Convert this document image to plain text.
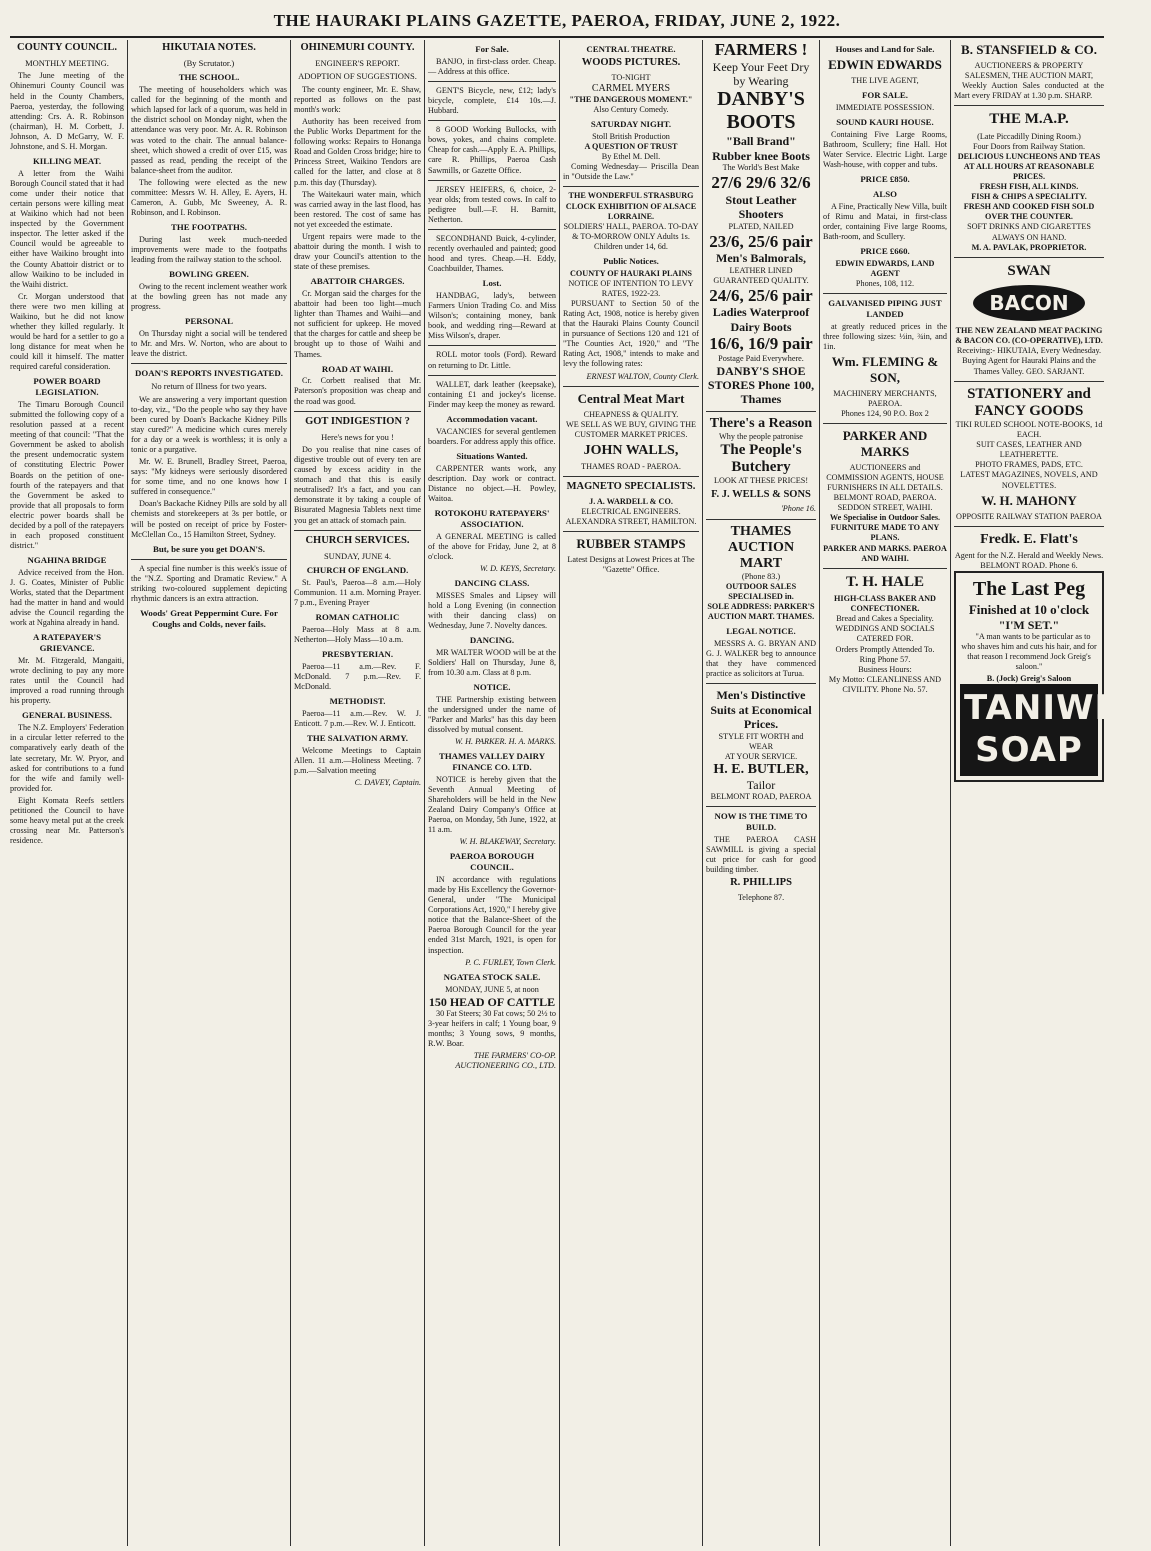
THE HAURAKI PLAINS GAZETTE, PAEROA, FRIDAY, JUNE 2, 1922.
COUNTY COUNCIL.
MONTHLY MEETING.

The June meeting of the Ohinemuri County Council was held in the County Chambers, Paeroa, yesterday, the following attending: Crs. A. R. Robinson (chairman), H. M. Corbett, J. Johnson, A. D McGarry, W. F. Johnstone, and S. H. Morgan.

KILLING MEAT.

A letter from the Waihi Borough Council stated that it had come under their notice that certain persons were killing meat at Waikino which had not been inspected by the Government inspector. The letter asked if the Council would be agreeable to either have Waikino brought into the County Abattoir district or to allow Waikino to be included in the Waihi district.

Cr. Morgan understood that there were two men killing at Waikino, but he did not know whether they killed regularly. It would be hard for a settler to go a long distance for meat when he could kill it himself. The matter required careful consideration.

POWER BOARD LEGISLATION.

The Timaru Borough Council submitted the following copy of a resolution passed at a recent meeting of that council: "That the Government be asked to abolish the present undemocratic system of constituting Electric Power Boards on the petition of one-fourth of the ratepayers and that the Government be asked to provide that all proposals to form electric power boards shall be decided by a poll of the ratepayers in each proposed constituent district."

NGAHINA BRIDGE

Advice received from the Hon. J. G. Coates, Minister of Public Works, stated that the Department had the matter in hand and would advise the Council regarding the work at Ngahina already in hand.

A RATEPAYER'S GRIEVANCE.

Mr. M. Fitzgerald, Mangaiti, wrote declining to pay any more rates until the Council had improved a road running through his property.

GENERAL BUSINESS.

The N.Z. Employers' Federation in a circular letter referred to the comparatively early death of the late secretary, Mr. W. Pryor, and asked for contributions to a fund for the wife and family well-provided for.

Eight Komata Reefs settlers petitioned the Council to have some heavy metal put at the creek crossing near Mr. Patterson's residence.

HIKUTAIA NOTES.
(By Scrutator.)
THE SCHOOL.

The meeting of householders which was called for the beginning of the month and which lapsed for lack of a quorum, was held in the district school on Monday night, when the attendance was very poor. Mr. A. R. Robinson was voted to the chair. The annual balance-sheet, which showed a credit of over £15, was passed as read, pending the receipt of the balance-sheet from the auditor.

The following were elected as the new committee: Messrs W. H. Alley, E. Ayers, H. Cameron, A. Gubb, Mc Sweeney, A. R. Robinson, and I. Robinson.

THE FOOTPATHS.

During last week much-needed improvements were made to the footpaths leading from the railway station to the school.

BOWLING GREEN.

Owing to the recent inclement weather work at the bowling green has not made any progress.

PERSONAL

On Thursday night a social will be tendered to Mr. and Mrs. W. Norton, who are about to leave the district.

DOAN'S REPORTS INVESTIGATED.
No return of Illness for two years.

We are answering a very important question to-day, viz., "Do the people who say they have been cured by Doan's Backache Kidney Pills stay cured?" A medicine which cures merely for a day or a week is worthless; it is only a tonic or a purgative.

Mr. W. E. Brunell, Bradley Street, Paeroa, says: "My kidneys were seriously disordered for some time, and no one knows how I suffered in consequence."

Doan's Backache Kidney Pills are sold by all chemists and storekeepers at 3s per bottle, or will be posted on receipt of price by Foster-McClellan Co., 15 Hamilton Street, Sydney.

But, be sure you get DOAN'S.

A special fine number is this week's issue of the "N.Z. Sporting and Dramatic Review." A striking two-coloured supplement depicting rhythmic dancers is an extra attraction.

Woods' Great Peppermint Cure. For Coughs and Colds, never fails.
OHINEMURI COUNTY.
ENGINEER'S REPORT.
ADOPTION OF SUGGESTIONS.

The county engineer, Mr. E. Shaw, reported as follows on the past month's work:

Authority has been received from the Public Works Department for the following works: Repairs to Honanga Road and Golden Cross bridge; hire to Princess Street, Waikino Tendors are called for the latter, and close at 8 p.m. this day (Thursday).

The Waitekauri water main, which was carried away in the last flood, has been restored. The cost of same has not yet exceeded the estimate.

Urgent repairs were made to the abattoir during the month. I wish to draw your Council's attention to the state of these premises.

ABATTOIR CHARGES.

Cr. Morgan said the charges for the abattoir had been too light—much lighter than Thames and Waihi—and not sufficient for upkeep. He moved that the charges for cattle and sheep be brought up to those of Waihi and Thames.

ROAD AT WAIHI.

Cr. Corbett realised that Mr. Paterson's proposition was cheap and the road was good.

GOT INDIGESTION ?
Here's news for you !

Do you realise that nine cases of digestive trouble out of every ten are caused by excess acidity in the stomach and that this is easily neutralised? It's a fact, and you can demonstrate it by taking a couple of Bisurated Magnesia Tablets next time you get an attack of stomach pain.

CHURCH SERVICES.
SUNDAY, JUNE 4.
CHURCH OF ENGLAND.

St. Paul's, Paeroa—8 a.m.—Holy Communion. 11 a.m. Morning Prayer. 7 p.m., Evening Prayer

ROMAN CATHOLIC

Paeroa—Holy Mass at 8 a.m. Netherton—Holy Mass—10 a.m.

PRESBYTERIAN.

Paeroa—11 a.m.—Rev. F. McDonald. 7 p.m.—Rev. F. McDonald.

METHODIST.

Paeroa—11 a.m.—Rev. W. J. Enticott. 7 p.m.—Rev. W. J. Enticott.

THE SALVATION ARMY.

Welcome Meetings to Captain Allen. 11 a.m.—Holiness Meeting. 7 p.m.—Salvation meeting

C. DAVEY, Captain.
For Sale.

BANJO, in first-class order. Cheap. — Address at this office.

GENT'S Bicycle, new, £12; lady's bicycle, complete, £14 10s.—J. Hubbard.

8 GOOD Working Bullocks, with bows, yokes, and chains complete. Cheap for cash.—Apply E. A. Phillips, care R. Phillips, Paeroa Cash Sawmills, or Gazette Office.

JERSEY HEIFERS, 6, choice, 2-year olds; from tested cows. In calf to pedigree bull.—F. H. Barnitt, Netherton.

SECONDHAND Buick, 4-cylinder, recently overhauled and painted; good hood and tyres. Cheap.—H. Eddy, Coachbuilder, Thames.

Lost.

HANDBAG, lady's, between Farmers Union Trading Co. and Miss Wilson's; containing money, bank book, and wedding ring—Reward at Miss Wilson's, draper.

ROLL motor tools (Ford). Reward on returning to Dr. Little.

WALLET, dark leather (keepsake), containing £1 and jockey's license. Finder may keep the money as reward.

Accommodation vacant.

VACANCIES for several gentlemen boarders. For address apply this office.

Situations Wanted.

CARPENTER wants work, any description. Day work or contract. Distance no object.—H. Powley, Waitoa.

ROTOKOHU RATEPAYERS' ASSOCIATION.

A GENERAL MEETING is called of the above for Friday, June 2, at 8 o'clock.

W. D. KEYS, Secretary.
DANCING CLASS.

MISSES Smales and Lipsey will hold a Long Evening (in connection with their dancing class) on Wednesday, June 7. Novelty dances.

DANCING.

MR WALTER WOOD will be at the Soldiers' Hall on Thursday, June 8, from 10.30 a.m. Class at 8 p.m.

NOTICE.

THE Partnership existing between the undersigned under the name of "Parker and Marks" has this day been dissolved by mutual consent.

W. H. PARKER. H. A. MARKS.
THAMES VALLEY DAIRY FINANCE CO. LTD.

NOTICE is hereby given that the Seventh Annual Meeting of Shareholders will be held in the New Zealand Dairy Company's Office at Paeroa, on Monday, 5th June, 1922, at 11 a.m.

W. H. BLAKEWAY, Secretary.
PAEROA BOROUGH COUNCIL.

IN accordance with regulations made by His Excellency the Governor-General, under "The Municipal Corporations Act, 1920," I hereby give notice that the Balance-Sheet of the Paeroa Borough Council for the year ended 31st March, 1921, is open for inspection.

P. C. FURLEY, Town Clerk.
NGATEA STOCK SALE.
MONDAY, JUNE 5, at noon
150 HEAD OF CATTLE

30 Fat Steers; 30 Fat cows; 50 2½ to 3-year heifers in calf; 1 Young boar, 9 months; 3 Young sows, 9 months, R.W. Boar.

THE FARMERS' CO-OP. AUCTIONEERING CO., LTD.
CENTRAL THEATRE.
WOODS PICTURES.
TO-NIGHT
CARMEL MYERS
"THE DANGEROUS MOMENT."
Also Century Comedy.
SATURDAY NIGHT.
Stoll British Production
A QUESTION OF TRUST
By Ethel M. Dell.

Coming Wednesday— Priscilla Dean in "Outside the Law."

THE WONDERFUL STRASBURG CLOCK EXHIBITION OF ALSACE LORRAINE.
SOLDIERS' HALL, PAEROA. TO-DAY & TO-MORROW ONLY Adults 1s. Children under 14, 6d.
Public Notices.
COUNTY OF HAURAKI PLAINS
NOTICE OF INTENTION TO LEVY RATES, 1922-23.

PURSUANT to Section 50 of the Rating Act, 1908, notice is hereby given that the Hauraki Plains County Council in pursuance of Sections 120 and 121 of "The Counties Act, 1920," and "The Rating Act, 1908," intends to make and levy the following rates:

ERNEST WALTON, County Clerk.
Central Meat Mart
CHEAPNESS & QUALITY.
WE SELL AS WE BUY, GIVING THE CUSTOMER MARKET PRICES.
JOHN WALLS,
THAMES ROAD - PAEROA.
MAGNETO SPECIALISTS.
J. A. WARDELL & CO.
ELECTRICAL ENGINEERS. ALEXANDRA STREET, HAMILTON.
RUBBER STAMPS
Latest Designs at Lowest Prices at The "Gazette" Office.
FARMERS !
Keep Your Feet Dry by Wearing
DANBY'S BOOTS
"Ball Brand" Rubber knee Boots
The World's Best Make
27/6 29/6 32/6
Stout Leather Shooters
PLATED, NAILED
23/6, 25/6 pair
Men's Balmorals,
LEATHER LINED GUARANTEED QUALITY.
24/6, 25/6 pair
Ladies Waterproof Dairy Boots
16/6, 16/9 pair
Postage Paid Everywhere.
DANBY'S SHOE STORES Phone 100, Thames
There's a Reason
Why the people patronise
The People's Butchery
LOOK AT THESE PRICES!
F. J. WELLS & SONS
'Phone 16.
THAMES AUCTION MART
(Phone 83.)
OUTDOOR SALES SPECIALISED in.
SOLE ADDRESS: PARKER'S AUCTION MART. THAMES.
LEGAL NOTICE.

MESSRS A. G. BRYAN AND G. J. WALKER beg to announce that they have commenced practice as solicitors at Turua.

Men's Distinctive Suits at Economical Prices.
STYLE FIT WORTH and WEAR
AT YOUR SERVICE.
H. E. BUTLER,
Tailor
BELMONT ROAD, PAEROA
NOW IS THE TIME TO BUILD.

THE PAEROA CASH SAWMILL is giving a special cut price for cash for good building timber.

R. PHILLIPS
Telephone 87.
Houses and Land for Sale.
EDWIN EDWARDS
THE LIVE AGENT,
FOR SALE.
IMMEDIATE POSSESSION.
SOUND KAURI HOUSE.

Containing Five Large Rooms, Bathroom, Scullery; fine Hall. Hot Water Service. Electric Light. Large Wash-house, with copper and tubs.

PRICE £850.
ALSO

A Fine, Practically New Villa, built of Rimu and Matai, in first-class order, containing Five large Rooms, Bath-room, and Scullery.

PRICE £660.
EDWIN EDWARDS, LAND AGENT
Phones, 108, 112.
GALVANISED PIPING JUST LANDED

at greatly reduced prices in the three following sizes: ½in, ¾in, and 1in.

Wm. FLEMING & SON,
MACHINERY MERCHANTS, PAEROA.
Phones 124, 90 P.O. Box 2
PARKER AND MARKS
AUCTIONEERS and COMMISSION AGENTS, HOUSE FURNISHERS IN ALL DETAILS.
BELMONT ROAD, PAEROA. SEDDON STREET, WAIHI.
We Specialise in Outdoor Sales.
FURNITURE MADE TO ANY PLANS.
PARKER AND MARKS. PAEROA AND WAIHI.
T. H. HALE
HIGH-CLASS BAKER AND CONFECTIONER.
Bread and Cakes a Speciality.
WEDDINGS AND SOCIALS CATERED FOR.
Orders Promptly Attended To.
Ring Phone 57.
Business Hours:
My Motto: CLEANLINESS AND CIVILITY. Phone No. 57.
B. STANSFIELD & CO.
AUCTIONEERS & PROPERTY SALESMEN, THE AUCTION MART,

Weekly Auction Sales conducted at the Mart every FRIDAY at 1.30 p.m. SHARP.

THE M.A.P.
(Late Piccadilly Dining Room.)
Four Doors from Railway Station.
DELICIOUS LUNCHEONS AND TEAS AT ALL HOURS AT REASONABLE PRICES.
FRESH FISH, ALL KINDS.
FISH & CHIPS A SPECIALITY.
FRESH AND COOKED FISH SOLD OVER THE COUNTER.
SOFT DRINKS AND CIGARETTES ALWAYS ON HAND.
M. A. PAVLAK, PROPRIETOR.
SWAN
BACON
THE NEW ZEALAND MEAT PACKING & BACON CO. (CO-OPERATIVE), LTD.
Receiving:- HIKUTAIA, Every Wednesday.
Buying Agent for Hauraki Plains and the Thames Valley. GEO. SARJANT.
STATIONERY and FANCY GOODS
TIKI RULED SCHOOL NOTE-BOOKS, 1d EACH.
SUIT CASES, LEATHER AND LEATHERETTE.
PHOTO FRAMES, PADS, ETC.
LATEST MAGAZINES, NOVELS, AND NOVELETTES.
W. H. MAHONY
OPPOSITE RAILWAY STATION PAEROA
Fredk. E. Flatt's
Agent for the N.Z. Herald and Weekly News. BELMONT ROAD. Phone 6.
The Last Peg
Finished at 10 o'clock
"I'M SET."

"A man wants to be particular as to who shaves him and cuts his hair, and for that reason I recommend Jock Greig's saloon."

B. (Jock) Greig's Saloon
TANIWHA SOAP
